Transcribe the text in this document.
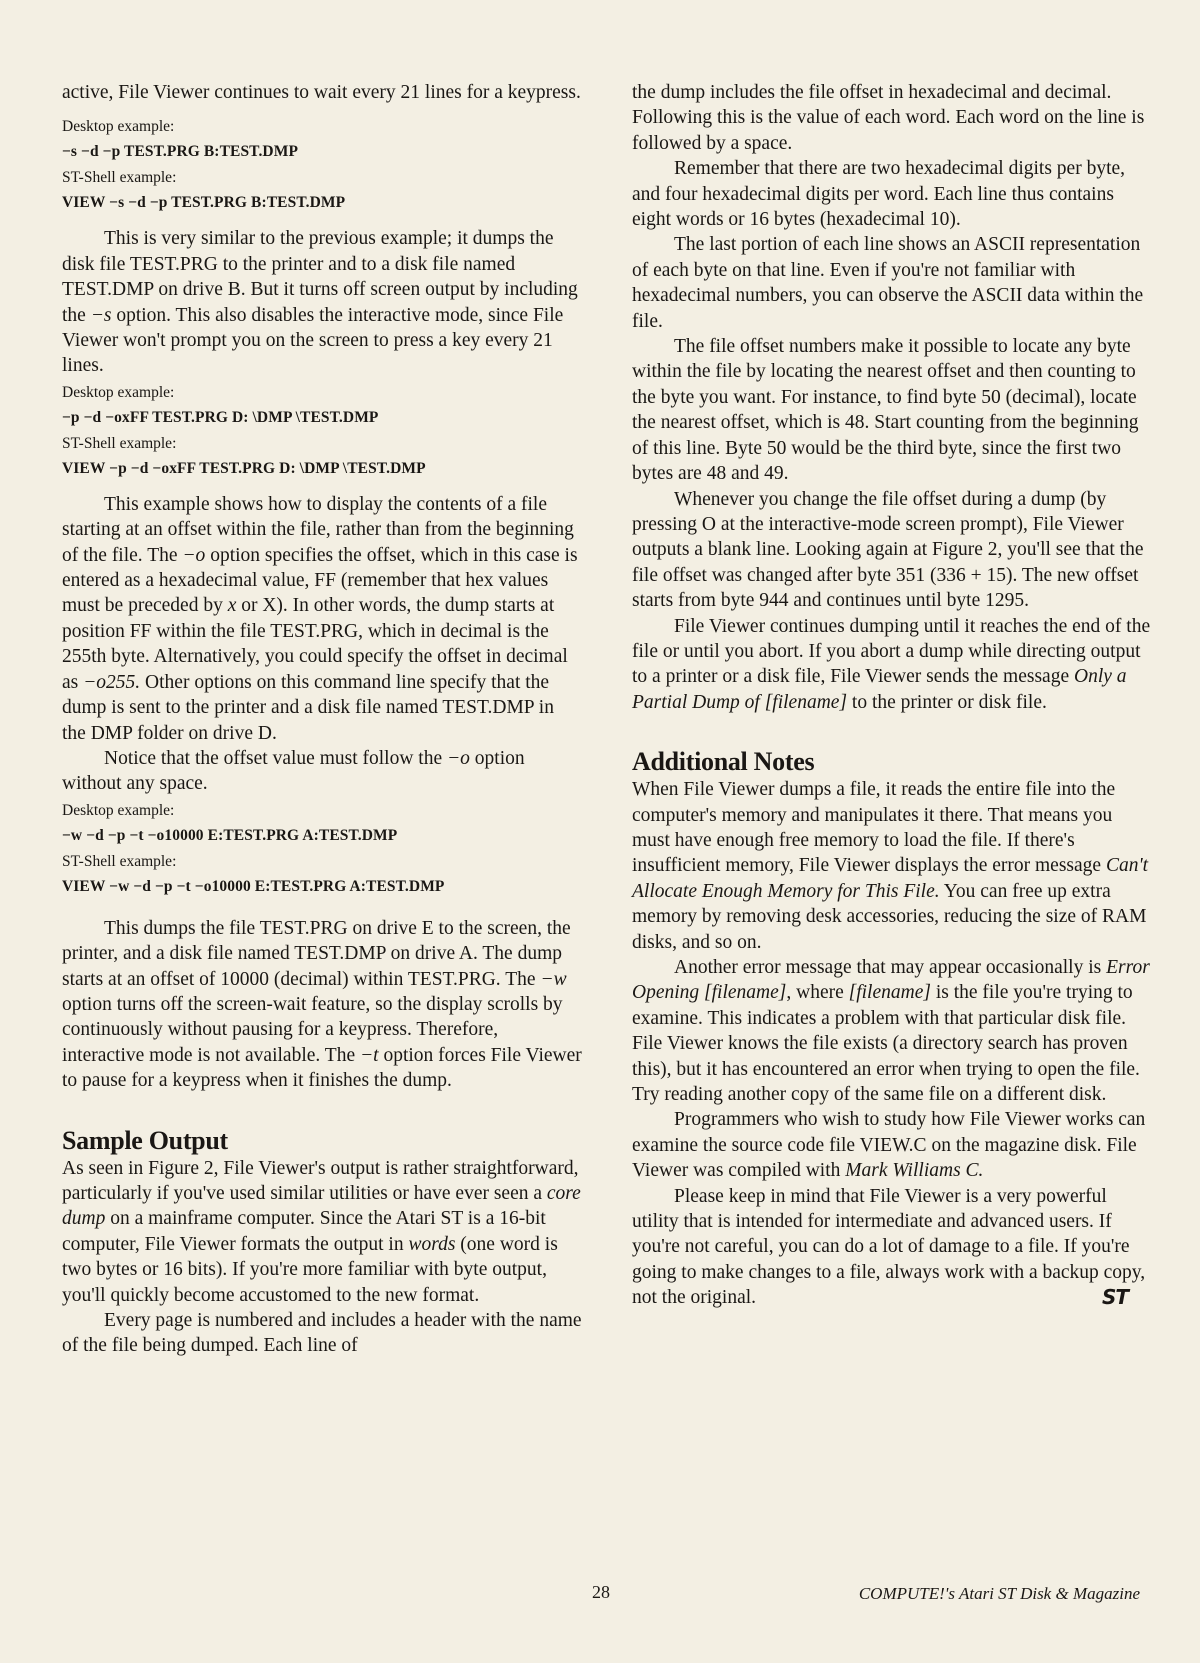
active, File Viewer continues to wait every 21 lines for a keypress.

Desktop example:
−s −d −p TEST.PRG B:TEST.DMP
ST-Shell example:
VIEW −s −d −p TEST.PRG B:TEST.DMP

This is very similar to the previous example; it dumps the disk file TEST.PRG to the printer and to a disk file named TEST.DMP on drive B. But it turns off screen output by including the −s option. This also disables the interactive mode, since File Viewer won't prompt you on the screen to press a key every 21 lines.

Desktop example:
−p −d −oxFF TEST.PRG D: \DMP \TEST.DMP
ST-Shell example:
VIEW −p −d −oxFF TEST.PRG D: \DMP \TEST.DMP

This example shows how to display the contents of a file starting at an offset within the file, rather than from the beginning of the file. The −o option specifies the offset, which in this case is entered as a hexadecimal value, FF (remember that hex values must be preceded by x or X). In other words, the dump starts at position FF within the file TEST.PRG, which in decimal is the 255th byte. Alternatively, you could specify the offset in decimal as −o255. Other options on this command line specify that the dump is sent to the printer and a disk file named TEST.DMP in the DMP folder on drive D.

Notice that the offset value must follow the −o option without any space.

Desktop example:
−w −d −p −t −o10000 E:TEST.PRG A:TEST.DMP
ST-Shell example:
VIEW −w −d −p −t −o10000 E:TEST.PRG A:TEST.DMP

This dumps the file TEST.PRG on drive E to the screen, the printer, and a disk file named TEST.DMP on drive A. The dump starts at an offset of 10000 (decimal) within TEST.PRG. The −w option turns off the screen-wait feature, so the display scrolls by continuously without pausing for a keypress. Therefore, interactive mode is not available. The −t option forces File Viewer to pause for a keypress when it finishes the dump.

Sample Output

As seen in Figure 2, File Viewer's output is rather straightforward, particularly if you've used similar utilities or have ever seen a core dump on a mainframe computer. Since the Atari ST is a 16-bit computer, File Viewer formats the output in words (one word is two bytes or 16 bits). If you're more familiar with byte output, you'll quickly become accustomed to the new format.

Every page is numbered and includes a header with the name of the file being dumped. Each line of

the dump includes the file offset in hexadecimal and decimal. Following this is the value of each word. Each word on the line is followed by a space.

Remember that there are two hexadecimal digits per byte, and four hexadecimal digits per word. Each line thus contains eight words or 16 bytes (hexadecimal 10).

The last portion of each line shows an ASCII representation of each byte on that line. Even if you're not familiar with hexadecimal numbers, you can observe the ASCII data within the file.

The file offset numbers make it possible to locate any byte within the file by locating the nearest offset and then counting to the byte you want. For instance, to find byte 50 (decimal), locate the nearest offset, which is 48. Start counting from the beginning of this line. Byte 50 would be the third byte, since the first two bytes are 48 and 49.

Whenever you change the file offset during a dump (by pressing O at the interactive-mode screen prompt), File Viewer outputs a blank line. Looking again at Figure 2, you'll see that the file offset was changed after byte 351 (336 + 15). The new offset starts from byte 944 and continues until byte 1295.

File Viewer continues dumping until it reaches the end of the file or until you abort. If you abort a dump while directing output to a printer or a disk file, File Viewer sends the message Only a Partial Dump of [filename] to the printer or disk file.

Additional Notes

When File Viewer dumps a file, it reads the entire file into the computer's memory and manipulates it there. That means you must have enough free memory to load the file. If there's insufficient memory, File Viewer displays the error message Can't Allocate Enough Memory for This File. You can free up extra memory by removing desk accessories, reducing the size of RAM disks, and so on.

Another error message that may appear occasionally is Error Opening [filename], where [filename] is the file you're trying to examine. This indicates a problem with that particular disk file. File Viewer knows the file exists (a directory search has proven this), but it has encountered an error when trying to open the file. Try reading another copy of the same file on a different disk.

Programmers who wish to study how File Viewer works can examine the source code file VIEW.C on the magazine disk. File Viewer was compiled with Mark Williams C.

Please keep in mind that File Viewer is a very powerful utility that is intended for intermediate and advanced users. If you're not careful, you can do a lot of damage to a file. If you're going to make changes to a file, always work with a backup copy, not the original.	ST

28	COMPUTE!'s Atari ST Disk & Magazine
